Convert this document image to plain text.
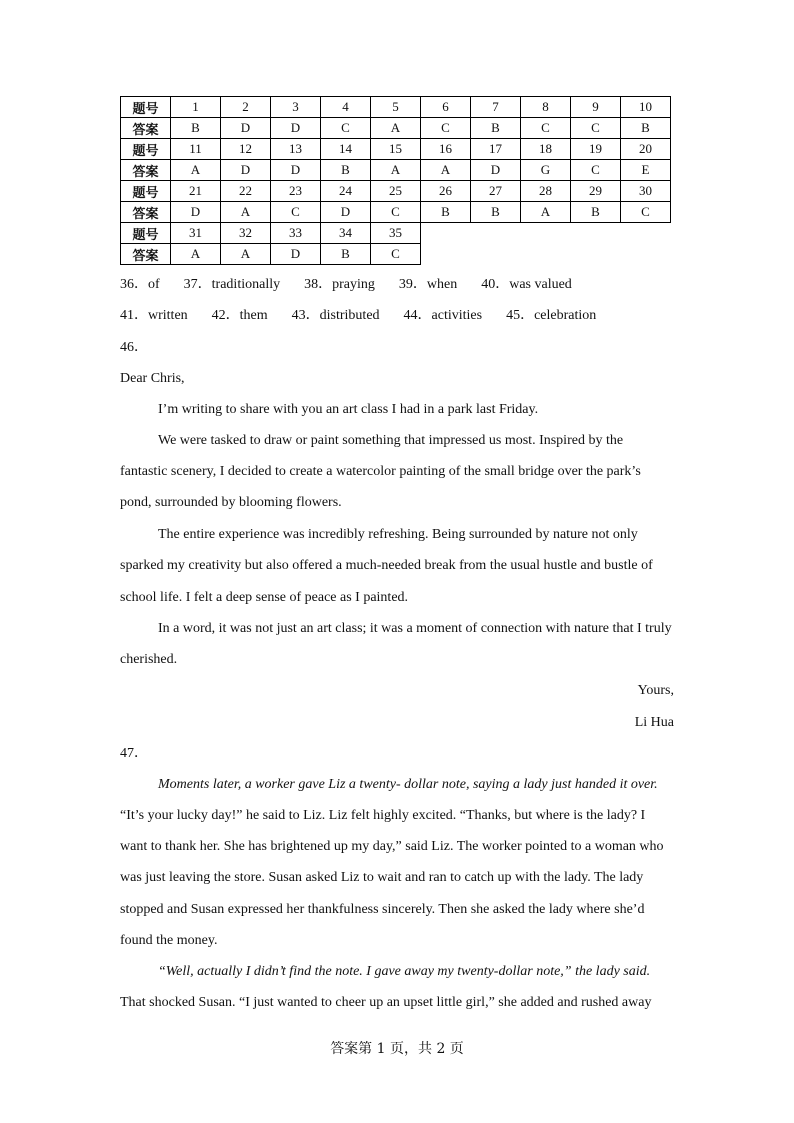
题号	1	2	3	4	5	6	7	8	9	10
答案	B	D	D	C	A	C	B	C	C	B
题号	11	12	13	14	15	16	17	18	19	20
答案	A	D	D	B	A	A	D	G	C	E
题号	21	22	23	24	25	26	27	28	29	30
答案	D	A	C	D	C	B	B	A	B	C
题号	31	32	33	34	35					
答案	A	A	D	B	C					
36．of 37．traditionally 38．praying 39．when 40．was valued
41．written 42．them 43．distributed 44．activities 45．celebration
46．
Dear Chris,
I’m writing to share with you an art class I had in a park last Friday.
We were tasked to draw or paint something that impressed us most. Inspired by the
fantastic scenery, I decided to create a watercolor painting of the small bridge over the park’s
pond, surrounded by blooming flowers.
The entire experience was incredibly refreshing. Being surrounded by nature not only
sparked my creativity but also offered a much-needed break from the usual hustle and bustle of
school life. I felt a deep sense of peace as I painted.
In a word, it was not just an art class; it was a moment of connection with nature that I truly
cherished.
Yours,
Li Hua
47．
Moments later, a worker gave Liz a twenty- dollar note, saying a lady just handed it over.
“It’s your lucky day!” he said to Liz. Liz felt highly excited. “Thanks, but where is the lady? I
want to thank her. She has brightened up my day,” said Liz. The worker pointed to a woman who
was just leaving the store. Susan asked Liz to wait and ran to catch up with the lady. The lady
stopped and Susan expressed her thankfulness sincerely. Then she asked the lady where she’d
found the money.
“Well, actually I didn’t find the note. I gave away my twenty-dollar note,” the lady said.
That shocked Susan. “I just wanted to cheer up an upset little girl,” she added and rushed away
答案第 1 页，共 2 页
